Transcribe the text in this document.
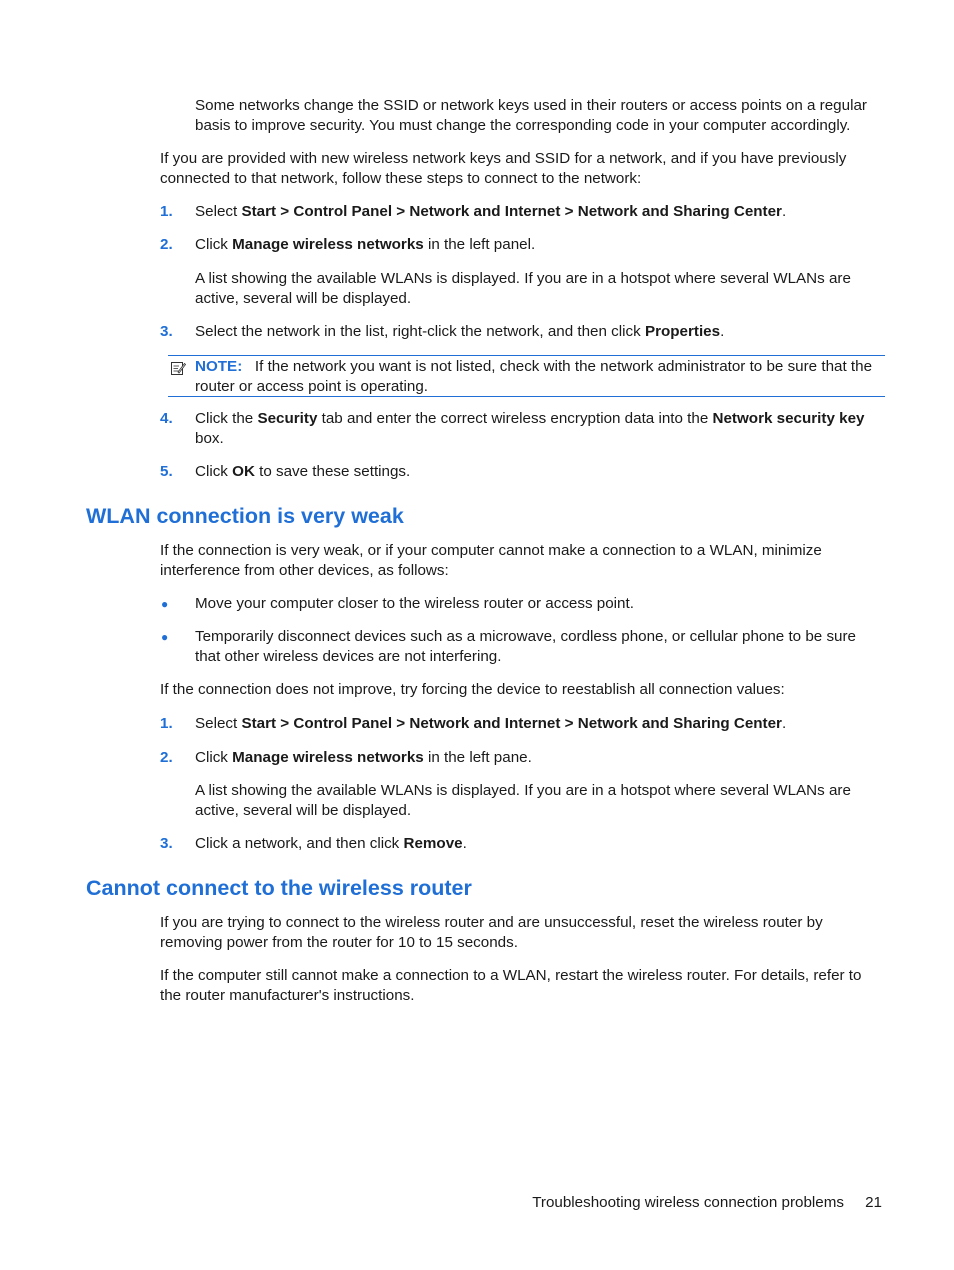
Some networks change the SSID or network keys used in their routers or access points on a regular basis to improve security. You must change the corresponding code in your computer accordingly.

If you are provided with new wireless network keys and SSID for a network, and if you have previously connected to that network, follow these steps to connect to the network:

1. Select Start > Control Panel > Network and Internet > Network and Sharing Center.

2. Click Manage wireless networks in the left panel.

A list showing the available WLANs is displayed. If you are in a hotspot where several WLANs are active, several will be displayed.

3. Select the network in the list, right-click the network, and then click Properties.

NOTE: If the network you want is not listed, check with the network administrator to be sure that the router or access point is operating.
4. Click the Security tab and enter the correct wireless encryption data into the Network security key box.

5. Click OK to save these settings.

WLAN connection is very weak

If the connection is very weak, or if your computer cannot make a connection to a WLAN, minimize interference from other devices, as follows:

● Move your computer closer to the wireless router or access point.

● Temporarily disconnect devices such as a microwave, cordless phone, or cellular phone to be sure that other wireless devices are not interfering.

If the connection does not improve, try forcing the device to reestablish all connection values:

1. Select Start > Control Panel > Network and Internet > Network and Sharing Center.

2. Click Manage wireless networks in the left pane.

A list showing the available WLANs is displayed. If you are in a hotspot where several WLANs are active, several will be displayed.

3. Click a network, and then click Remove.

Cannot connect to the wireless router

If you are trying to connect to the wireless router and are unsuccessful, reset the wireless router by removing power from the router for 10 to 15 seconds.

If the computer still cannot make a connection to a WLAN, restart the wireless router. For details, refer to the router manufacturer's instructions.

Troubleshooting wireless connection problems 21
